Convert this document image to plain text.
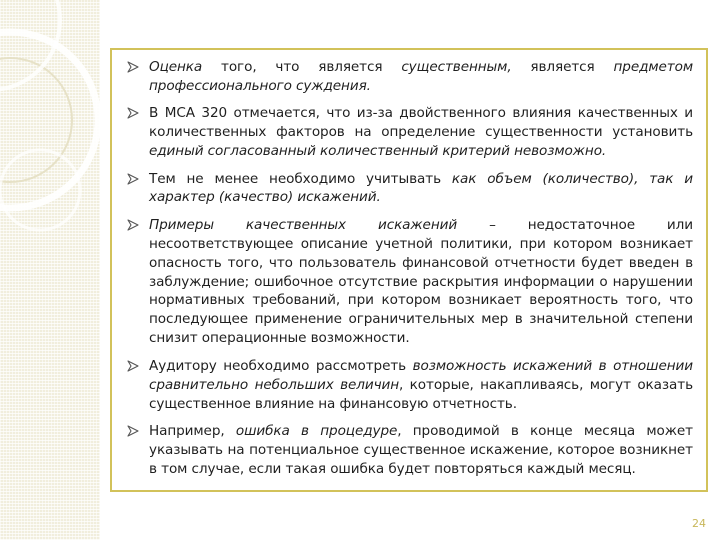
Оценка того, что является существенным, является предметом профессионального суждения.
В МСА 320 отмечается, что из-за двойственного влияния качественных и количественных факторов на определение существенности установить единый согласованный количественный критерий невозможно.
Тем не менее необходимо учитывать как объем (количество), так и характер (качество) искажений.
Примеры качественных искажений – недостаточное или несоответствующее описание учетной политики, при котором возникает опасность того, что пользователь финансовой отчетности будет введен в заблуждение; ошибочное отсутствие раскрытия информации о нарушении нормативных требований, при котором возникает вероятность того, что последующее применение ограничительных мер в значительной степени снизит операционные возможности.
Аудитору необходимо рассмотреть возможность искажений в отношении сравнительно небольших величин, которые, накапливаясь, могут оказать существенное влияние на финансовую отчетность.
Например, ошибка в процедуре, проводимой в конце месяца может указывать на потенциальное существенное искажение, которое возникнет в том случае, если такая ошибка будет повторяться каждый месяц.
24
